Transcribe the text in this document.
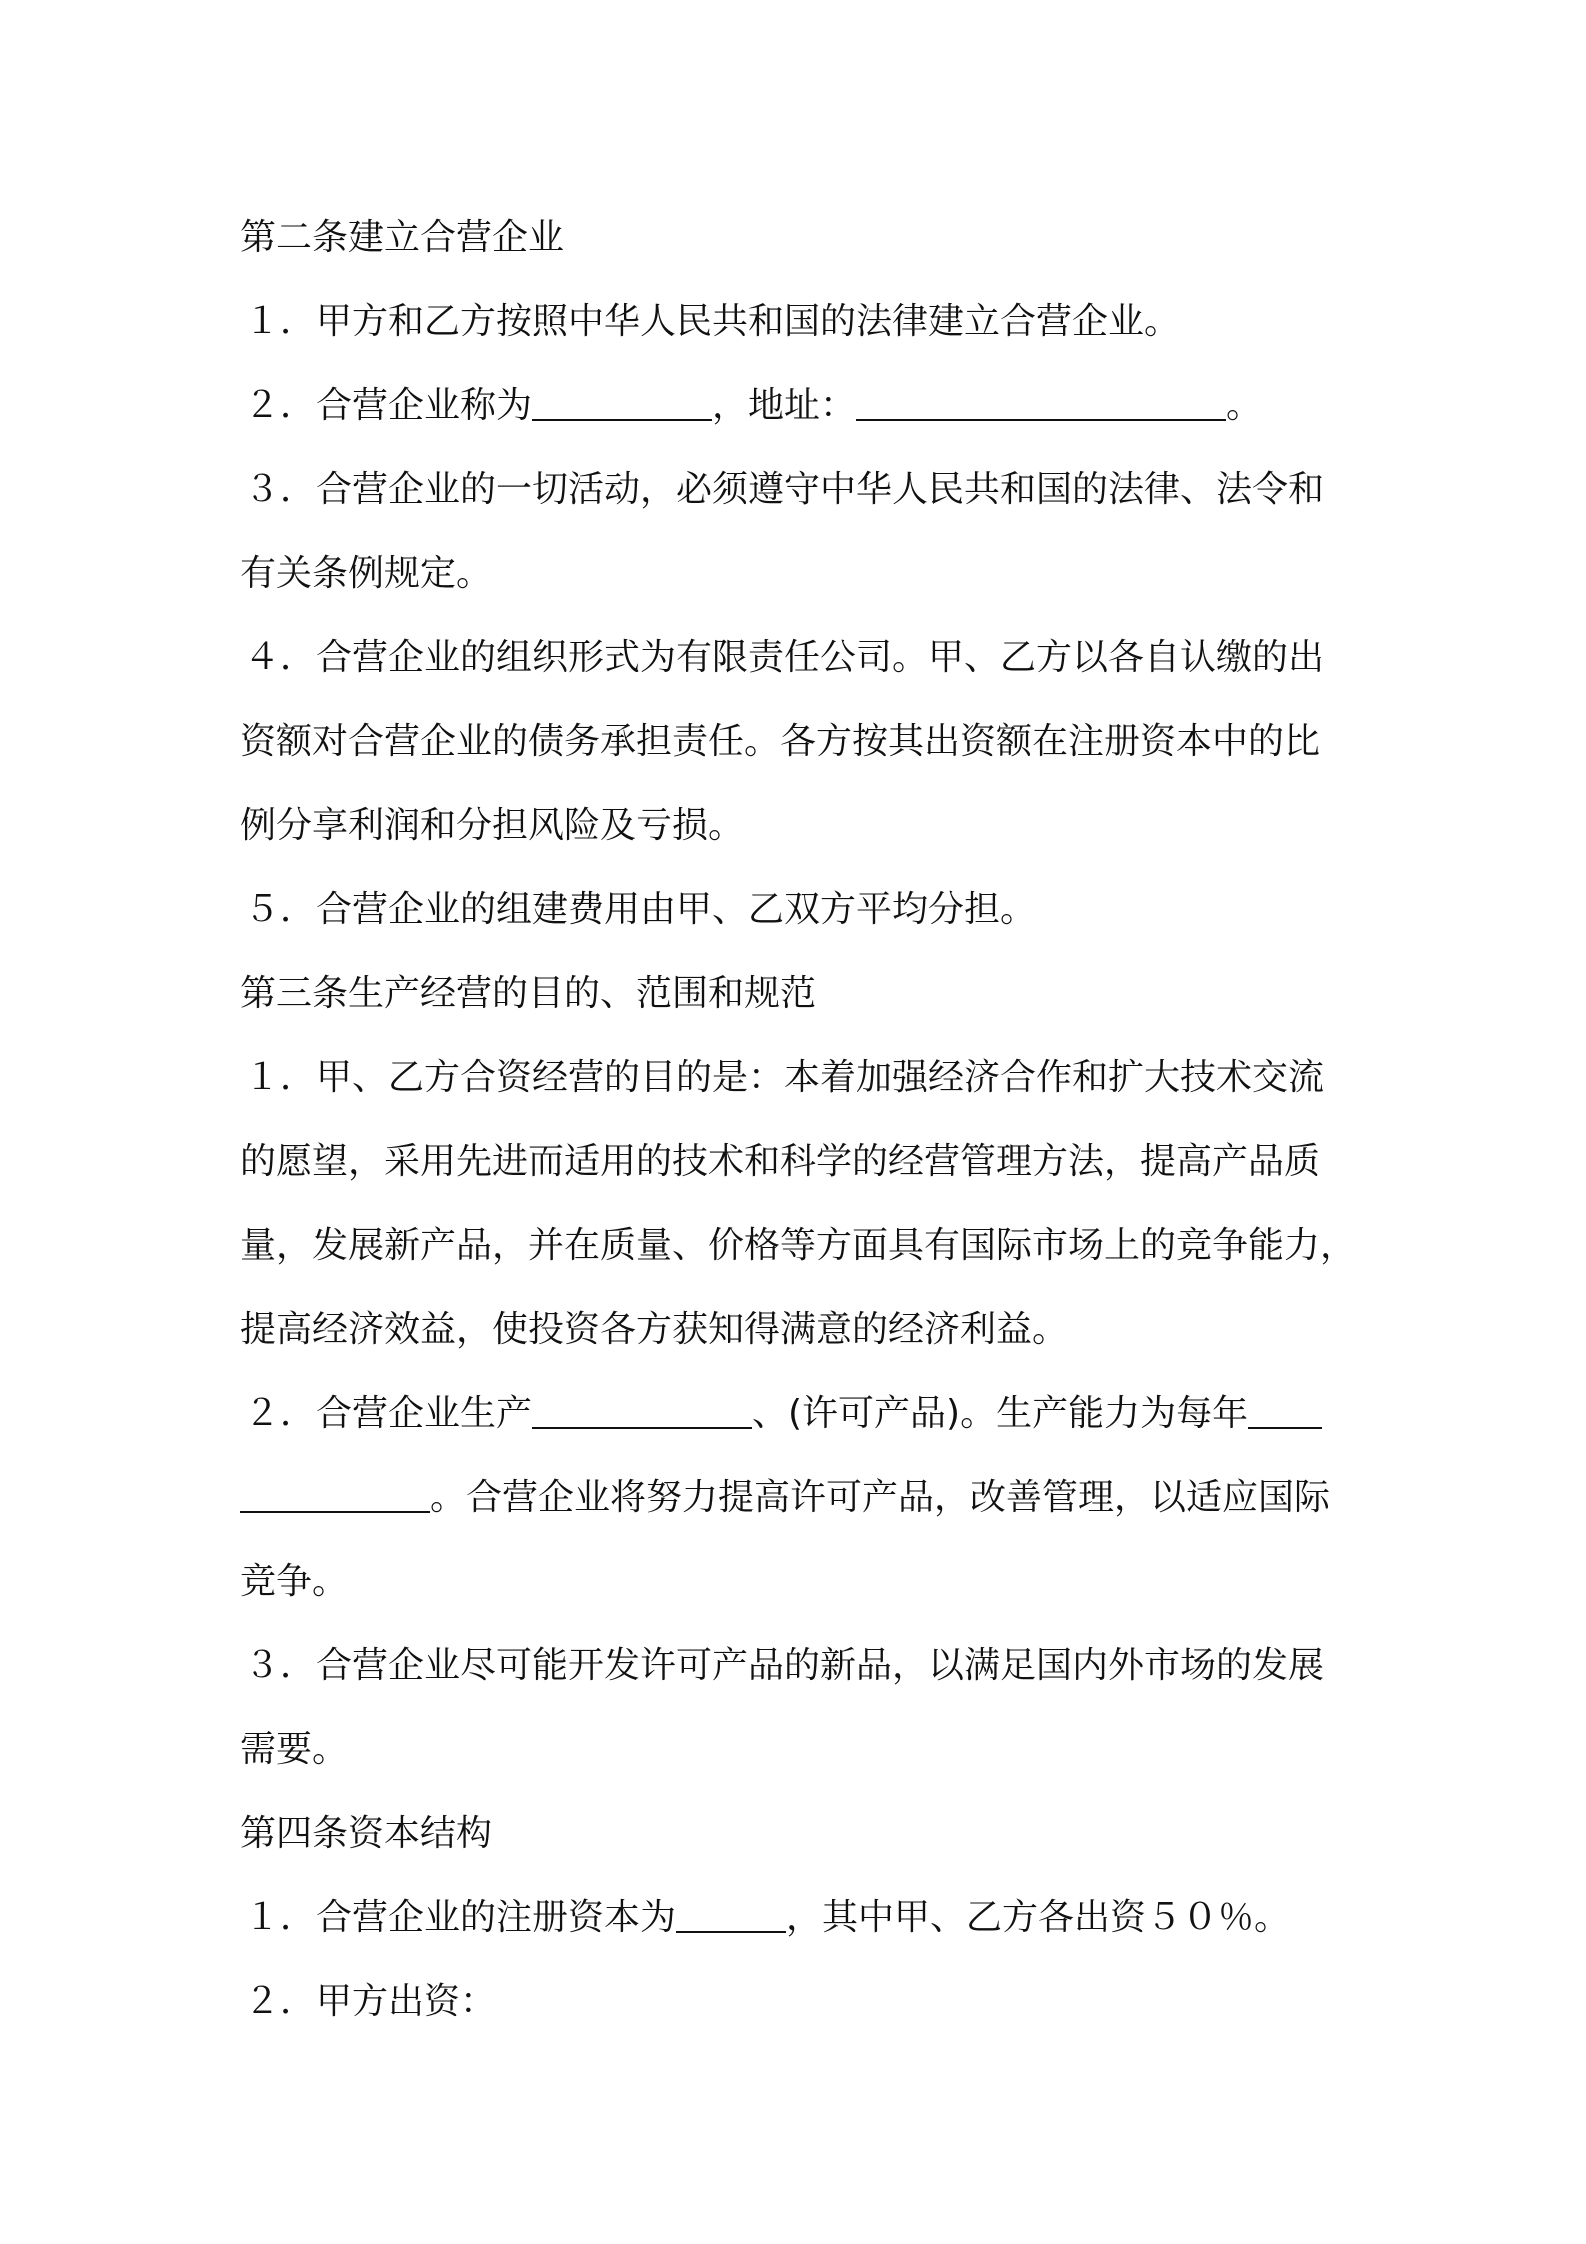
第二条建立合营企业
１．甲方和乙方按照中华人民共和国的法律建立合营企业。
２．合营企业称为	，地址：	。
３．合营企业的一切活动，必须遵守中华人民共和国的法律、法令和
有关条例规定。
４．合营企业的组织形式为有限责任公司。甲、乙方以各自认缴的出
资额对合营企业的债务承担责任。各方按其出资额在注册资本中的比
例分享利润和分担风险及亏损。
５．合营企业的组建费用由甲、乙双方平均分担。
第三条生产经营的目的、范围和规范
１．甲、乙方合资经营的目的是：本着加强经济合作和扩大技术交流
的愿望，采用先进而适用的技术和科学的经营管理方法，提高产品质
量，发展新产品，并在质量、价格等方面具有国际市场上的竞争能力，
提高经济效益，使投资各方获知得满意的经济利益。
２．合营企业生产	、(许可产品)。生产能力为每年
。合营企业将努力提高许可产品，改善管理，以适应国际
竞争。
３．合营企业尽可能开发许可产品的新品，以满足国内外市场的发展
需要。
第四条资本结构
１．合营企业的注册资本为	，其中甲、乙方各出资５０％。
２．甲方出资：
